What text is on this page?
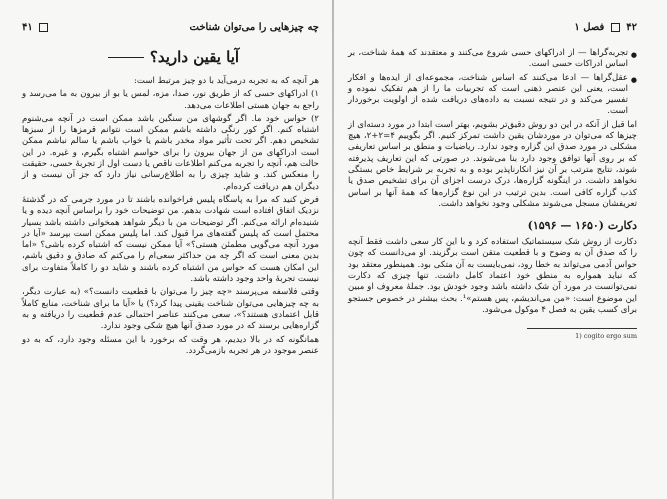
چه چیزهایی را می‌توان شناخت
۴۱
آیا یقین دارید؟

هر آنچه که به تجربه درمی‌آید با دو چیز مرتبط است:

۱) ادراکهای حسی که از طریق نور، صدا، مزه، لمس یا بو از بیرون به ما می‌رسد و راجع به جهان هستی اطلاعات می‌دهد.

۲) حواس خود ما. اگر گوشهای من سنگین باشد ممکن است در آنچه می‌شنوم اشتباه کنم. اگر کور رنگی داشته باشم ممکن است نتوانم قرمزها را از سبزها تشخیص دهم. اگر تحت تأثیر مواد مخدر باشم یا خواب باشم یا سالم نباشم ممکن است ادراکهای من از جهان بیرون را برای حواسم اشتباه بگیرم، و غیره. در این حالت هم، آنچه را تجربه می‌کنم اطلاعات ناقص یا دست اول از تجربهٔ حسی، حقیقت را منعکس کند. و شاید چیزی را به اطلاع‌رسانی نیاز دارد که جز آن نیست و از دیگران هم دریافت کرده‌ام.

فرض کنید که مرا به پاسگاه پلیس فراخوانده باشند تا در مورد جرمی که در گذشتهٔ نزدیک اتفاق افتاده است شهادت بدهم. من توضیحات خود را براساس آنچه دیده و یا شنیده‌ام ارائه می‌کنم. اگر توضیحات من با دیگر شواهد همخوانی داشته باشد بسیار محتمل است که پلیس گفته‌های مرا قبول کند. اما پلیس ممکن است بپرسد «آیا در مورد آنچه می‌گویی مطمئن هستی؟» آیا ممکن نیست که اشتباه کرده باشی؟ «اما بدین معنی است که اگر چه من حداکثر سعی‌ام را می‌کنم که صادق و دقیق باشم، این امکان هست که حواس من اشتباه کرده باشند و شاید دو را کاملاً متفاوت برای نیست تجربهٔ واحد وجود داشته باشد.

وقتی فلاسفه می‌پرسند «چه چیز را می‌توان با قطعیت دانست؟» (به عبارت دیگر، به چه چیزهایی می‌توان شناخت یقینی پیدا کرد؟) یا «آیا ما برای شناخت، منابع کاملاً قابل اعتمادی هستند؟»، سعی می‌کنند عناصر احتمالی عدم قطعیت را دریافته و به گزاره‌هایی برسند که در مورد صدق آنها هیچ شکی وجود ندارد.

همانگونه که در بالا دیدیم، هر وقت که برخورد با این مسئله وجود دارد، که به دو عنصر موجود در هر تجربه بازمی‌گردد.

۴۲  فصل ۱

●
تجربه‌گراها — از ادراکهای حسی شروع می‌کنند و معتقدند که همهٔ شناخت، بر اساس ادراکات حسی است.

●
عقل‌گراها — ادعا می‌کنند که اساس شناخت، مجموعه‌ای از ایده‌ها و افکار است، یعنی این عنصر ذهنی است که تجربیات ما را از هم تفکیک نموده و تفسیر می‌کند و در نتیجه نسبت به داده‌های دریافت شده از اولویت برخوردار است.

اما قبل از آنکه در این دو روش دقیق‌تر بشویم، بهتر است ابتدا در مورد دسته‌ای از چیزها که می‌توان در موردشان یقین داشت تمرکز کنیم. اگر بگوییم ۴=۲+۲، هیچ مشکلی در مورد صدق این گزاره وجود ندارد. ریاضیات و منطق بر اساس تعاریفی که بر روی آنها توافق وجود دارد بنا می‌شوند. در صورتی که این تعاریف پذیرفته شوند، نتایج مترتب بر آن نیز انکارناپذیر بوده و به تجربه بر شرایط خاص بستگی نخواهد داشت. در اینگونه گزاره‌ها، درک درست اجزای آن برای تشخیص صدق یا کذب گزاره کافی است. بدین ترتیب در این نوع گزاره‌ها که همهٔ آنها بر اساس تعریفشان مسجل می‌شوند مشکلی وجود نخواهد داشت.

دکارت (۱۶۵۰ — ۱۵۹۶)

دکارت از روش شک سیستماتیک استفاده کرد و با این کار سعی داشت فقط آنچه را که صدق آن به وضوح و با قطعیت متقن است برگزیند. او می‌دانست که چون حواس آدمی می‌تواند به خطا رود، نمی‌بایست به آن متکی بود. همینطور معتقد بود که نباید همواره به منطق خود اعتماد کامل داشت. تنها چیزی که دکارت نمی‌توانست در مورد آن شک داشته باشد وجود خودش بود. جملهٔ معروف او مبین این موضوع است: «من می‌اندیشم، پس هستم»¹. بحث بیشتر در خصوص جستجو برای کسب یقین به فصل ۴ موکول می‌شود.

1) cogito ergo sum
